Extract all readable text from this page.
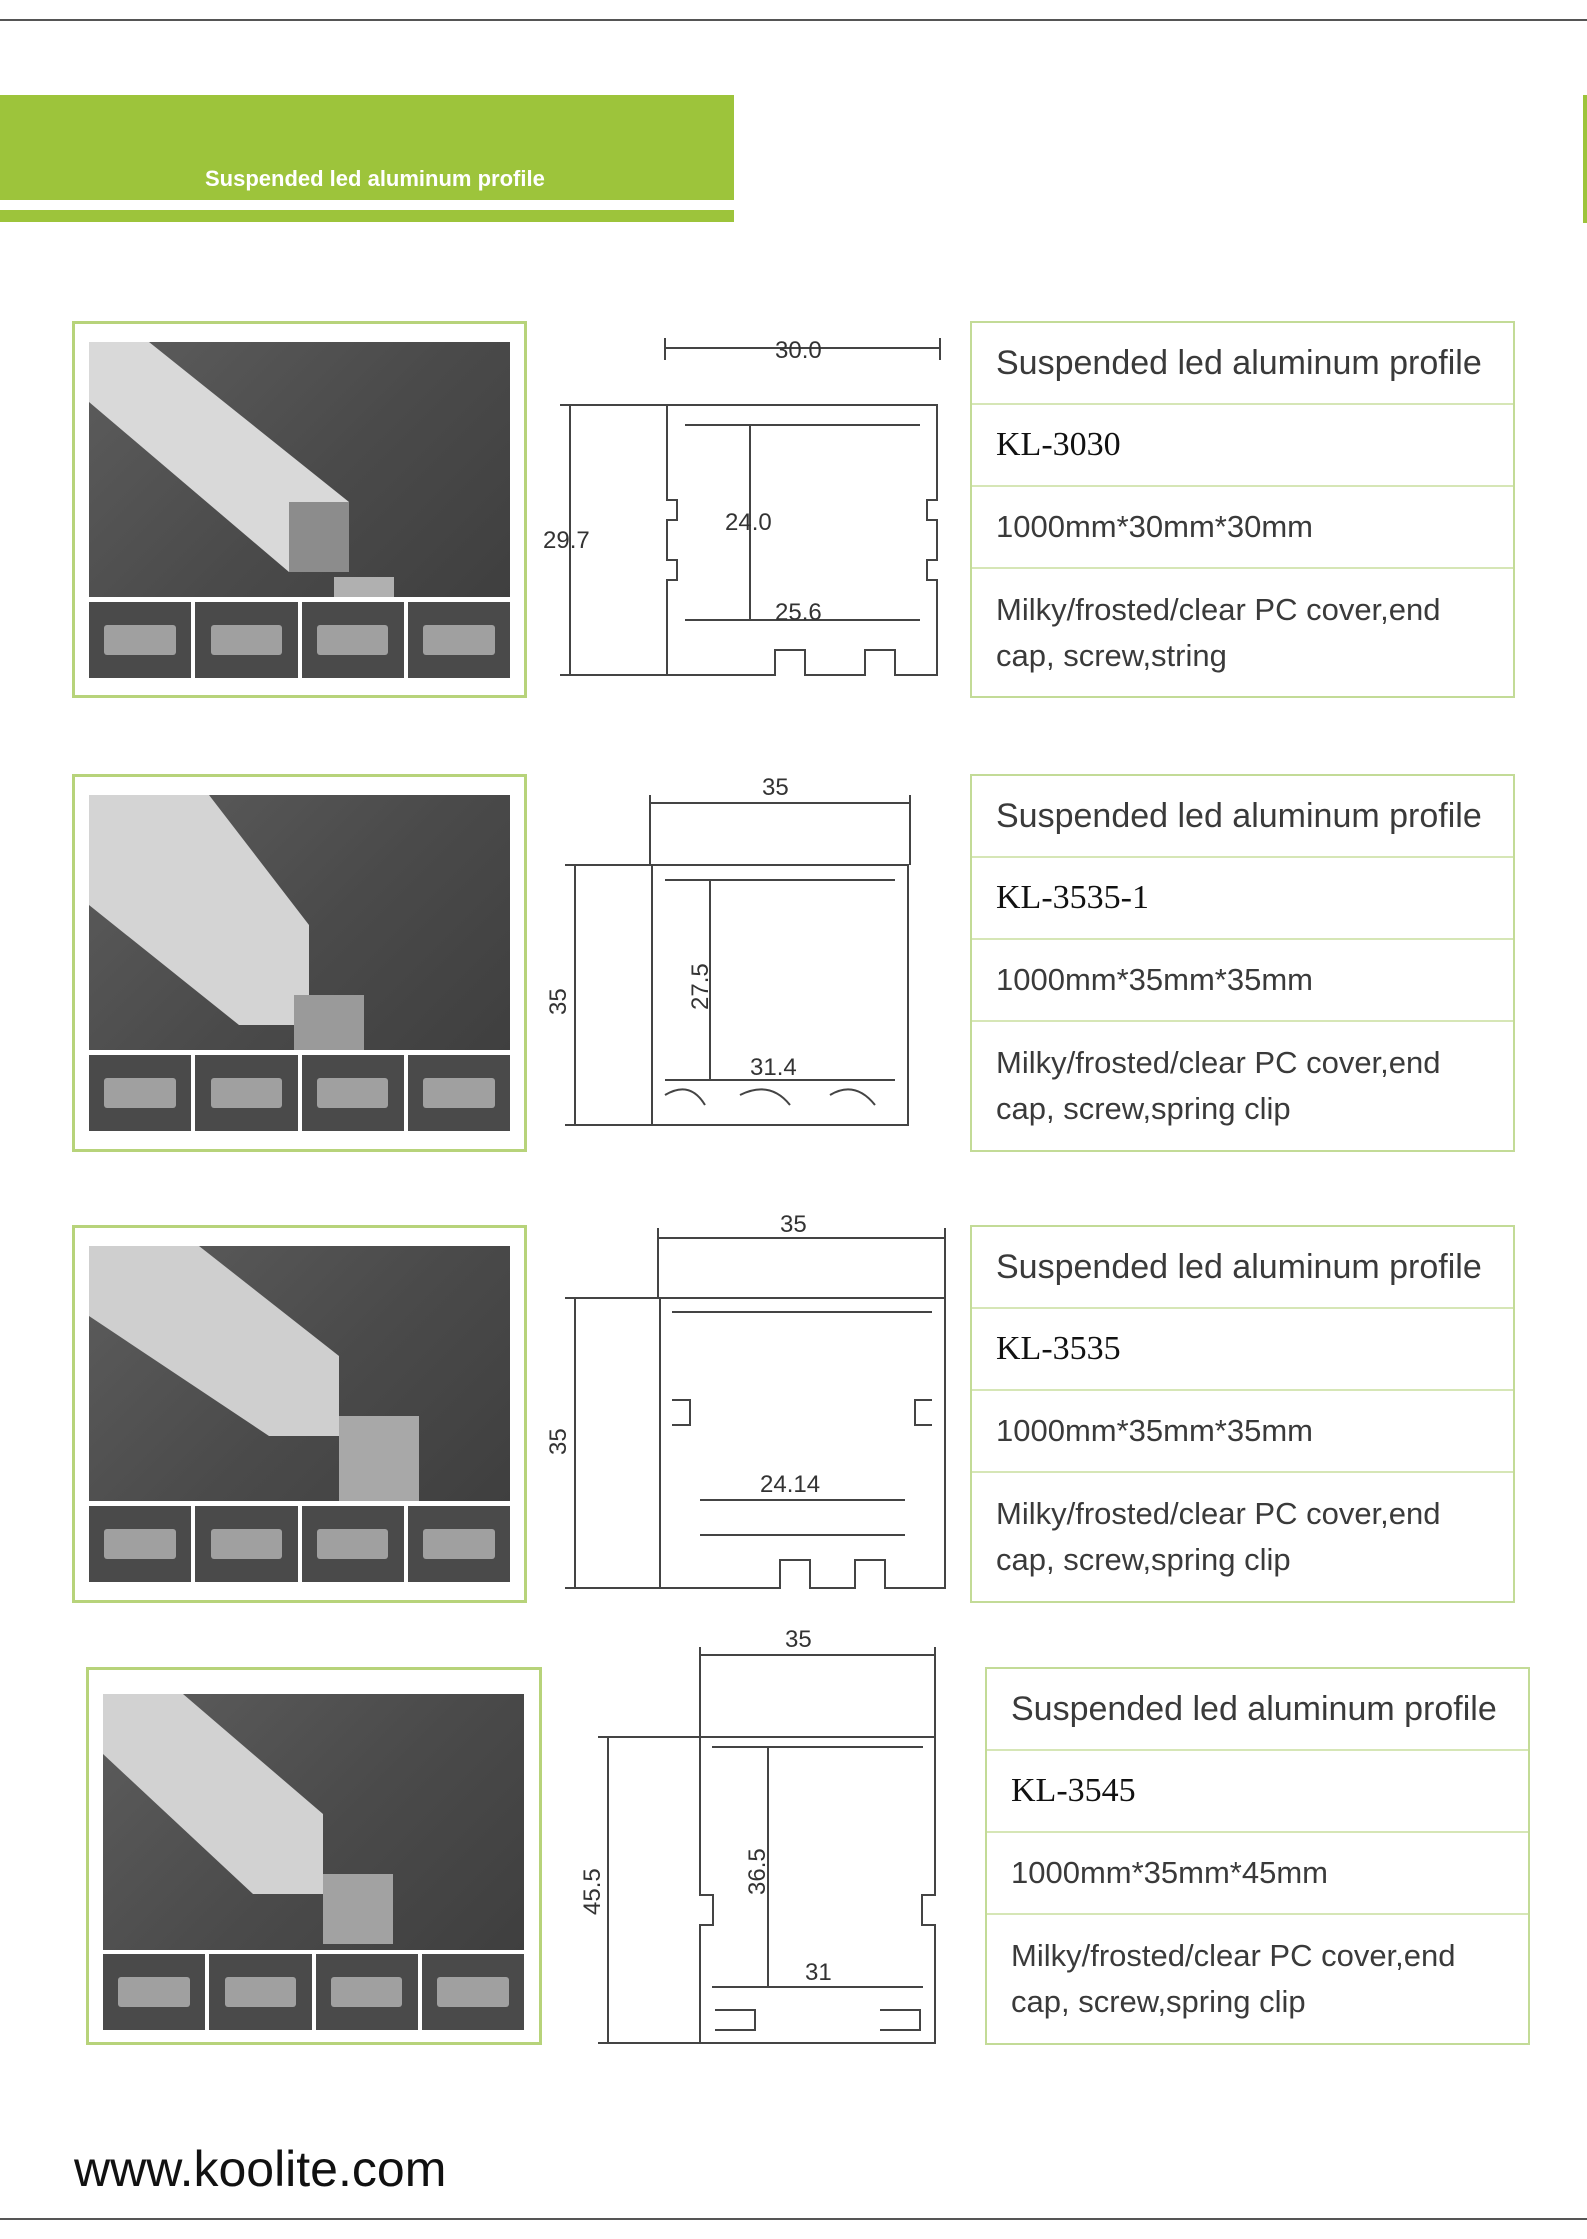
Suspended led aluminum profile
30.0
29.7
24.0
25.6
Suspended led aluminum profile
KL-3030
1000mm*30mm*30mm
Milky/frosted/clear PC cover,end cap, screw,string
35
35	27.5
31.4
Suspended led aluminum profile
KL-3535-1
1000mm*35mm*35mm
Milky/frosted/clear PC cover,end cap, screw,spring clip
35
35
24.14
Suspended led aluminum profile
KL-3535
1000mm*35mm*35mm
Milky/frosted/clear PC cover,end cap, screw,spring clip
35
45.5	36.5
31
Suspended led aluminum profile
KL-3545
1000mm*35mm*45mm
Milky/frosted/clear PC cover,end cap, screw,spring clip
www.koolite.com
